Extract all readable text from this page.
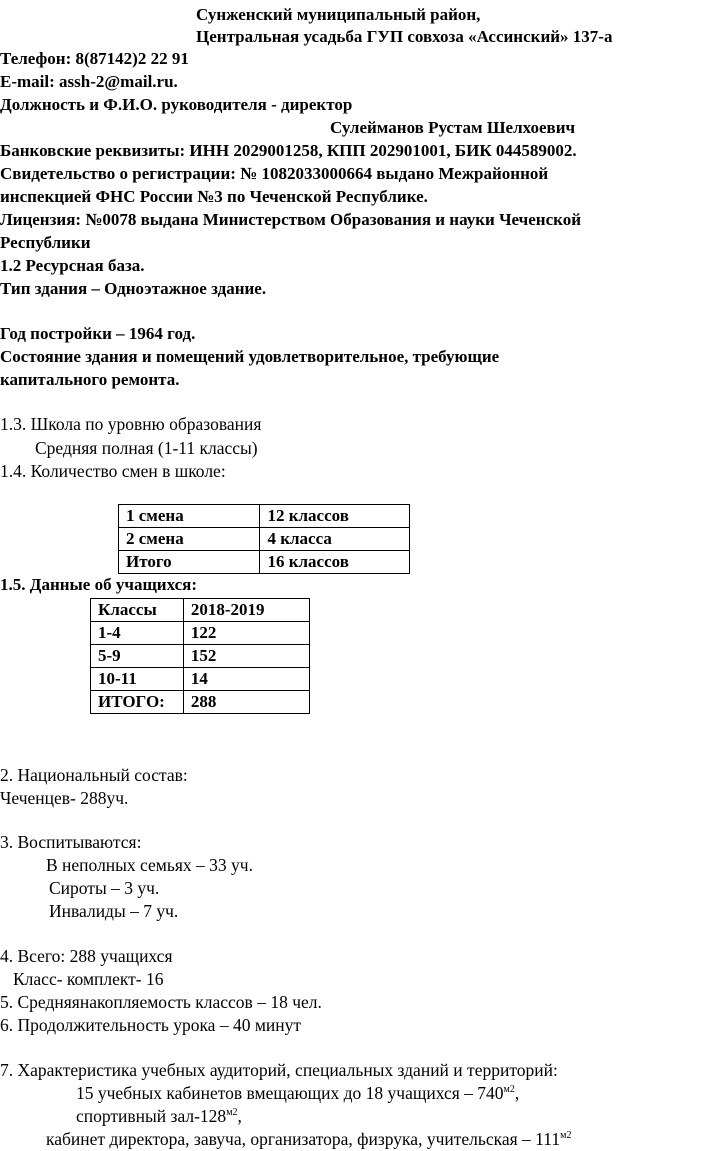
Сунженский муниципальный район,
Центральная усадьба ГУП совхоза «Ассинский» 137-а
Телефон: 8(87142)2 22 91
E-mail: assh-2@mail.ru.
Должность и Ф.И.О. руководителя - директор
Сулейманов Рустам Шелхоевич
Банковские реквизиты: ИНН 2029001258, КПП 202901001, БИК 044589002.
Свидетельство о регистрации: № 1082033000664 выдано Межрайонной
инспекцией ФНС России №3 по Чеченской Республике.
Лицензия: №0078 выдана Министерством Образования и науки Чеченской
Республики
1.2 Ресурсная база.
Тип здания – Одноэтажное здание.
Год постройки – 1964 год.
Состояние здания и помещений удовлетворительное, требующие
капитального ремонта.
1.3. Школа по уровню образования
Средняя полная (1-11 классы)
1.4. Количество смен в школе:
1 смена	12 классов
2 смена	4 класса
Итого	16 классов
1.5. Данные об учащихся:
Классы	2018-2019
1-4	122
5-9	152
10-11	14
ИТОГО:	288
2. Национальный состав:
Чеченцев- 288уч.
3. Воспитываются:
В неполных семьях – 33 уч.
Сироты – 3 уч.
Инвалиды – 7 уч.
4. Всего: 288 учащихся
Класс- комплект- 16
5. Средняянакопляемость классов – 18 чел.
6. Продолжительность урока – 40 минут
7. Характеристика учебных аудиторий, специальных зданий и территорий:
15 учебных кабинетов вмещающих до 18 учащихся – $740^{м2}$,
спортивный зал-$128^{м2}$,
кабинет директора, завуча, организатора, физрука, учительская – $111^{м2}$
